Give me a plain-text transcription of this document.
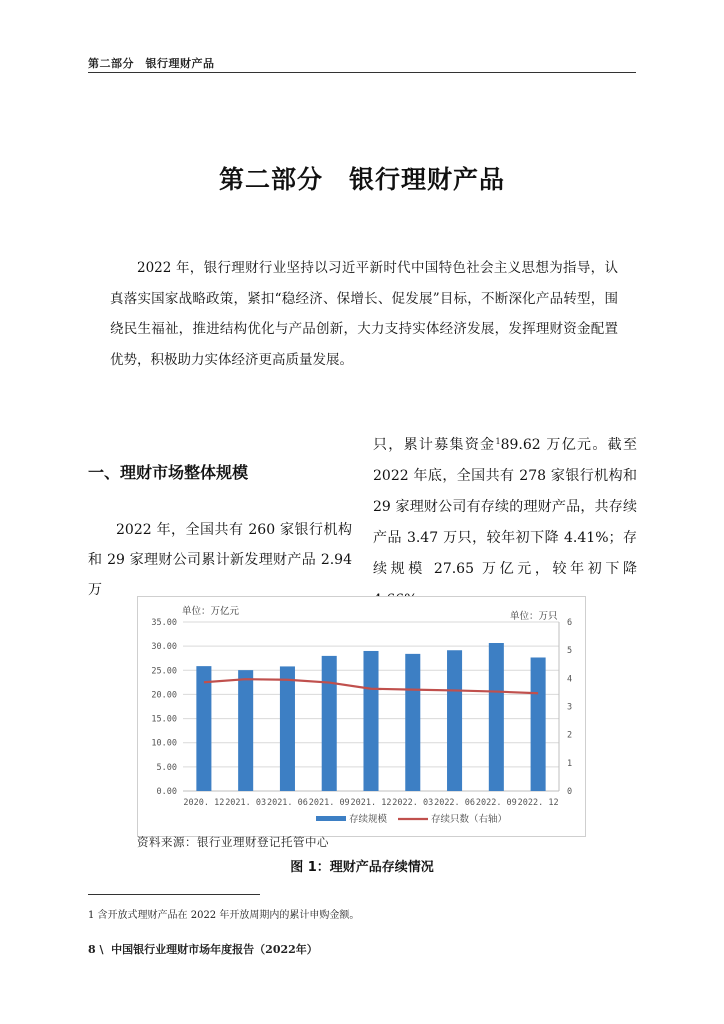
第二部分　银行理财产品
第二部分　银行理财产品

2022 年，银行理财行业坚持以习近平新时代中国特色社会主义思想为指导，认真落实国家战略政策，紧扣“稳经济、保增长、促发展”目标，不断深化产品转型，围绕民生福祉，推进结构优化与产品创新，大力支持实体经济发展，发挥理财资金配置优势，积极助力实体经济更高质量发展。

一、理财市场整体规模

2022 年，全国共有 260 家银行机构和 29 家理财公司累计新发理财产品 2.94 万

只，累计募集资金$^1$89.62 万亿元。截至 2022 年底，全国共有 278 家银行机构和 29 家理财公司有存续的理财产品，共存续产品 3.47 万只，较年初下降 4.41%；存续规模 27.65 万亿元，较年初下降

0.00
5.00
10.00
15.00
20.00
25.00
30.00
35.00
0
1
2
3
4
5
6
2020. 12 2021. 03 2021. 06 2021. 09 2021. 12 2022. 03 2022. 06 2022. 09 2022. 12
单位：万亿元	单位：万只
存续规模	存续只数（右轴）
资料来源：银行业理财登记托管中心
图 1：理财产品存续情况
1 含开放式理财产品在 2022 年开放周期内的累计申购金额。
8 \  中国银行业理财市场年度报告（2022年）
